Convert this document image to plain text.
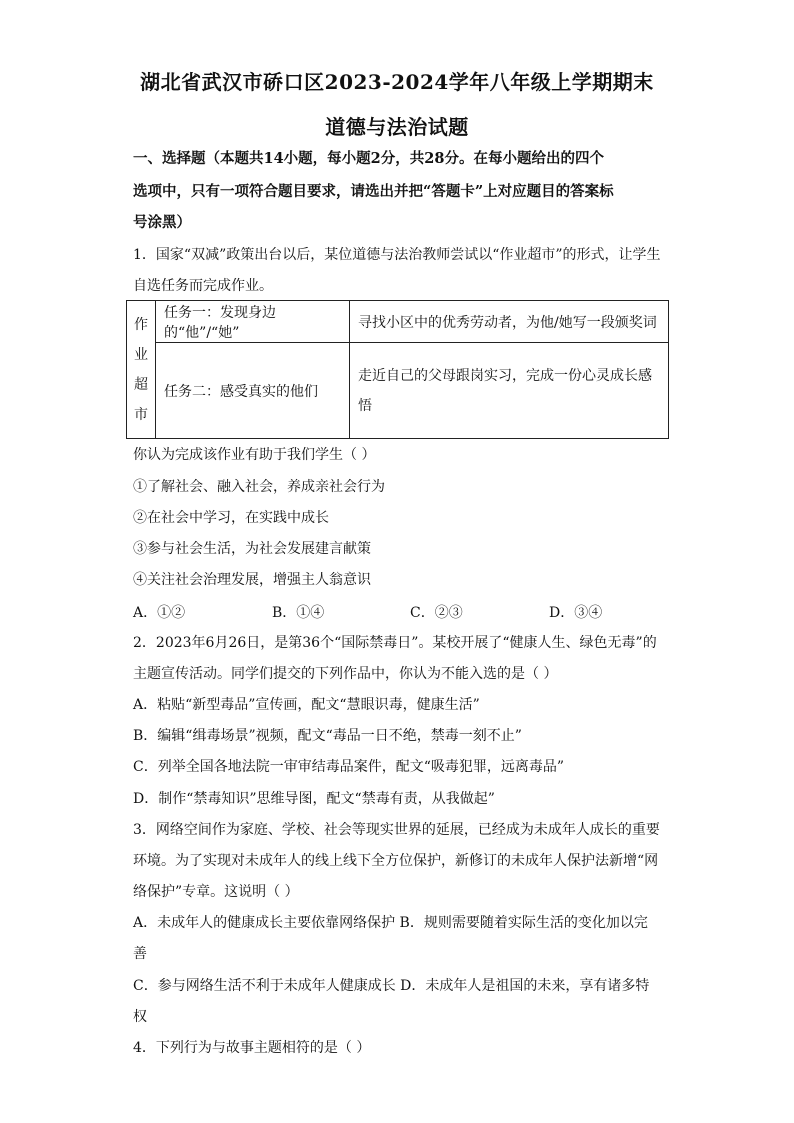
湖北省武汉市硚口区2023-2024学年八年级上学期期末
道德与法治试题
一、选择题（本题共14小题，每小题2分，共28分。在每小题给出的四个
选项中，只有一项符合题目要求，请选出并把“答题卡”上对应题目的答案标
号涂黑）
1．国家“双减”政策出台以后，某位道德与法治教师尝试以“作业超市”的形式，让学生
自选任务而完成作业。
作
业
超
市	任务一：发现身边的“他”/“她”	寻找小区中的优秀劳动者，为他/她写一段颁奖词
	任务二：感受真实的他们	走近自己的父母跟岗实习，完成一份心灵成长感
悟
你认为完成该作业有助于我们学生（ ）
①了解社会、融入社会，养成亲社会行为
②在社会中学习，在实践中成长
③参与社会生活，为社会发展建言献策
④关注社会治理发展，增强主人翁意识
A．①②	B．①④	C．②③	D．③④
2．2023年6月26日，是第36个“国际禁毒日”。某校开展了“健康人生、绿色无毒”的
主题宣传活动。同学们提交的下列作品中，你认为不能入选的是（ ）
A．粘贴“新型毒品”宣传画，配文“慧眼识毒，健康生活”
B．编辑“缉毒场景”视频，配文“毒品一日不绝，禁毒一刻不止”
C．列举全国各地法院一审审结毒品案件，配文“吸毒犯罪，远离毒品”
D．制作“禁毒知识”思维导图，配文“禁毒有责，从我做起”
3．网络空间作为家庭、学校、社会等现实世界的延展，已经成为未成年人成长的重要
环境。为了实现对未成年人的线上线下全方位保护，新修订的未成年人保护法新增“网
络保护”专章。这说明（ ）
A．未成年人的健康成长主要依靠网络保护 B．规则需要随着实际生活的变化加以完
善
C．参与网络生活不利于未成年人健康成长 D．未成年人是祖国的未来，享有诸多特
权
4．下列行为与故事主题相符的是（ ）
